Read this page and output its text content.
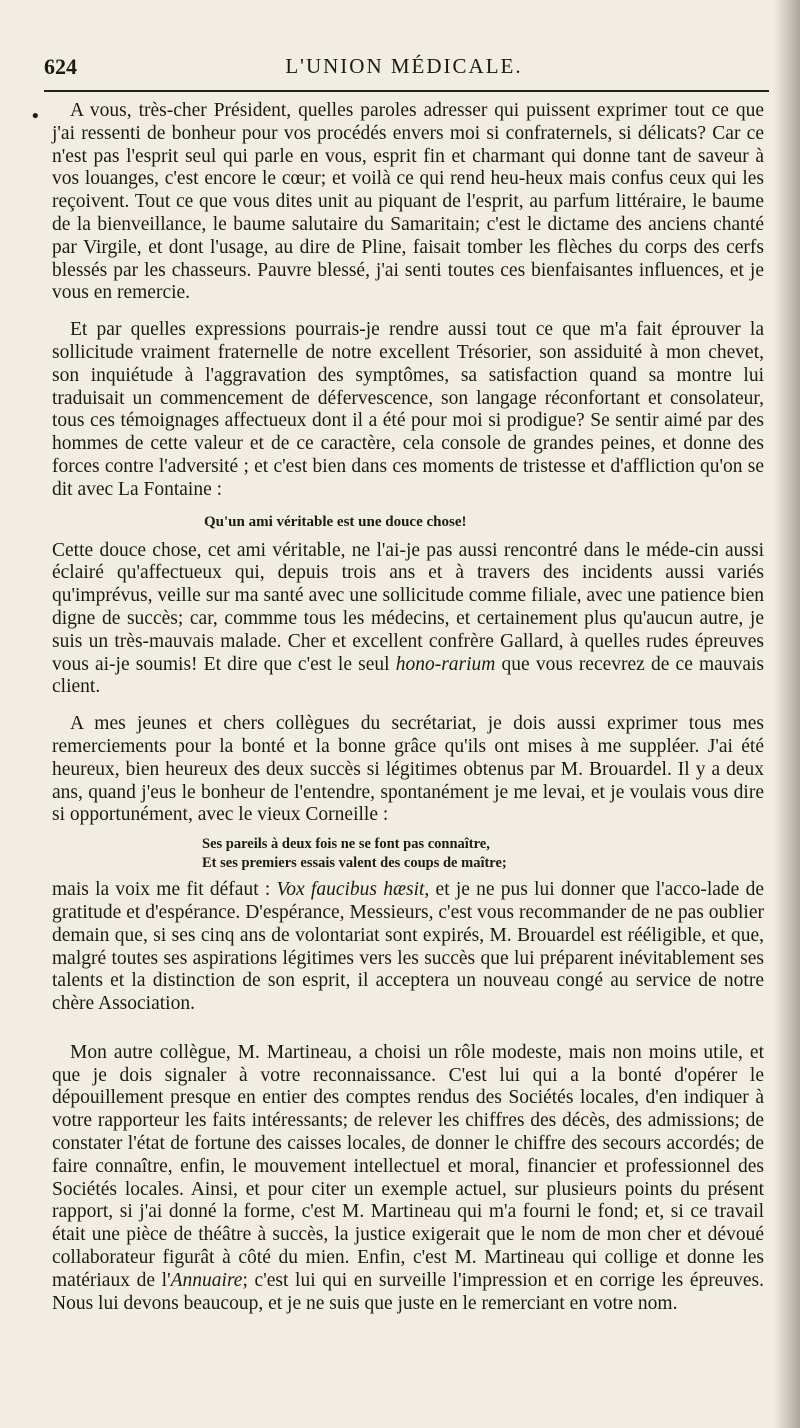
624	L'UNION MÉDICALE.
•	A vous, très-cher Président, quelles paroles adresser qui puissent exprimer tout ce que j'ai ressenti de bonheur pour vos procédés envers moi si confraternels, si délicats? Car ce n'est pas l'esprit seul qui parle en vous, esprit fin et charmant qui donne tant de saveur à vos louanges, c'est encore le cœur; et voilà ce qui rend heu-heux mais confus ceux qui les reçoivent. Tout ce que vous dites unit au piquant de l'esprit, au parfum littéraire, le baume de la bienveillance, le baume salutaire du Samaritain; c'est le dictame des anciens chanté par Virgile, et dont l'usage, au dire de Pline, faisait tomber les flèches du corps des cerfs blessés par les chasseurs. Pauvre blessé, j'ai senti toutes ces bienfaisantes influences, et je vous en remercie.

Et par quelles expressions pourrais-je rendre aussi tout ce que m'a fait éprouver la sollicitude vraiment fraternelle de notre excellent Trésorier, son assiduité à mon chevet, son inquiétude à l'aggravation des symptômes, sa satisfaction quand sa montre lui traduisait un commencement de défervescence, son langage réconfortant et consolateur, tous ces témoignages affectueux dont il a été pour moi si prodigue? Se sentir aimé par des hommes de cette valeur et de ce caractère, cela console de grandes peines, et donne des forces contre l'adversité ; et c'est bien dans ces moments de tristesse et d'affliction qu'on se dit avec La Fontaine :

Qu'un ami véritable est une douce chose!

Cette douce chose, cet ami véritable, ne l'ai-je pas aussi rencontré dans le méde-cin aussi éclairé qu'affectueux qui, depuis trois ans et à travers des incidents aussi variés qu'imprévus, veille sur ma santé avec une sollicitude comme filiale, avec une patience bien digne de succès; car, commme tous les médecins, et certainement plus qu'aucun autre, je suis un très-mauvais malade. Cher et excellent confrère Gallard, à quelles rudes épreuves vous ai-je soumis! Et dire que c'est le seul hono-rarium que vous recevrez de ce mauvais client.

A mes jeunes et chers collègues du secrétariat, je dois aussi exprimer tous mes remerciements pour la bonté et la bonne grâce qu'ils ont mises à me suppléer. J'ai été heureux, bien heureux des deux succès si légitimes obtenus par M. Brouardel. Il y a deux ans, quand j'eus le bonheur de l'entendre, spontanément je me levai, et je voulais vous dire si opportunément, avec le vieux Corneille :

Ses pareils à deux fois ne se font pas connaître,
Et ses premiers essais valent des coups de maître;

mais la voix me fit défaut : Vox faucibus hæsit, et je ne pus lui donner que l'acco-lade de gratitude et d'espérance. D'espérance, Messieurs, c'est vous recommander de ne pas oublier demain que, si ses cinq ans de volontariat sont expirés, M. Brouardel est rééligible, et que, malgré toutes ses aspirations légitimes vers les succès que lui préparent inévitablement ses talents et la distinction de son esprit, il acceptera un nouveau congé au service de notre chère Association.

Mon autre collègue, M. Martineau, a choisi un rôle modeste, mais non moins utile, et que je dois signaler à votre reconnaissance. C'est lui qui a la bonté d'opérer le dépouillement presque en entier des comptes rendus des Sociétés locales, d'en indiquer à votre rapporteur les faits intéressants; de relever les chiffres des décès, des admissions; de constater l'état de fortune des caisses locales, de donner le chiffre des secours accordés; de faire connaître, enfin, le mouvement intellectuel et moral, financier et professionnel des Sociétés locales. Ainsi, et pour citer un exemple actuel, sur plusieurs points du présent rapport, si j'ai donné la forme, c'est M. Martineau qui m'a fourni le fond; et, si ce travail était une pièce de théâtre à succès, la justice exigerait que le nom de mon cher et dévoué collaborateur figurât à côté du mien. Enfin, c'est M. Martineau qui collige et donne les matériaux de l'Annuaire; c'est lui qui en surveille l'impression et en corrige les épreuves. Nous lui devons beaucoup, et je ne suis que juste en le remerciant en votre nom.
